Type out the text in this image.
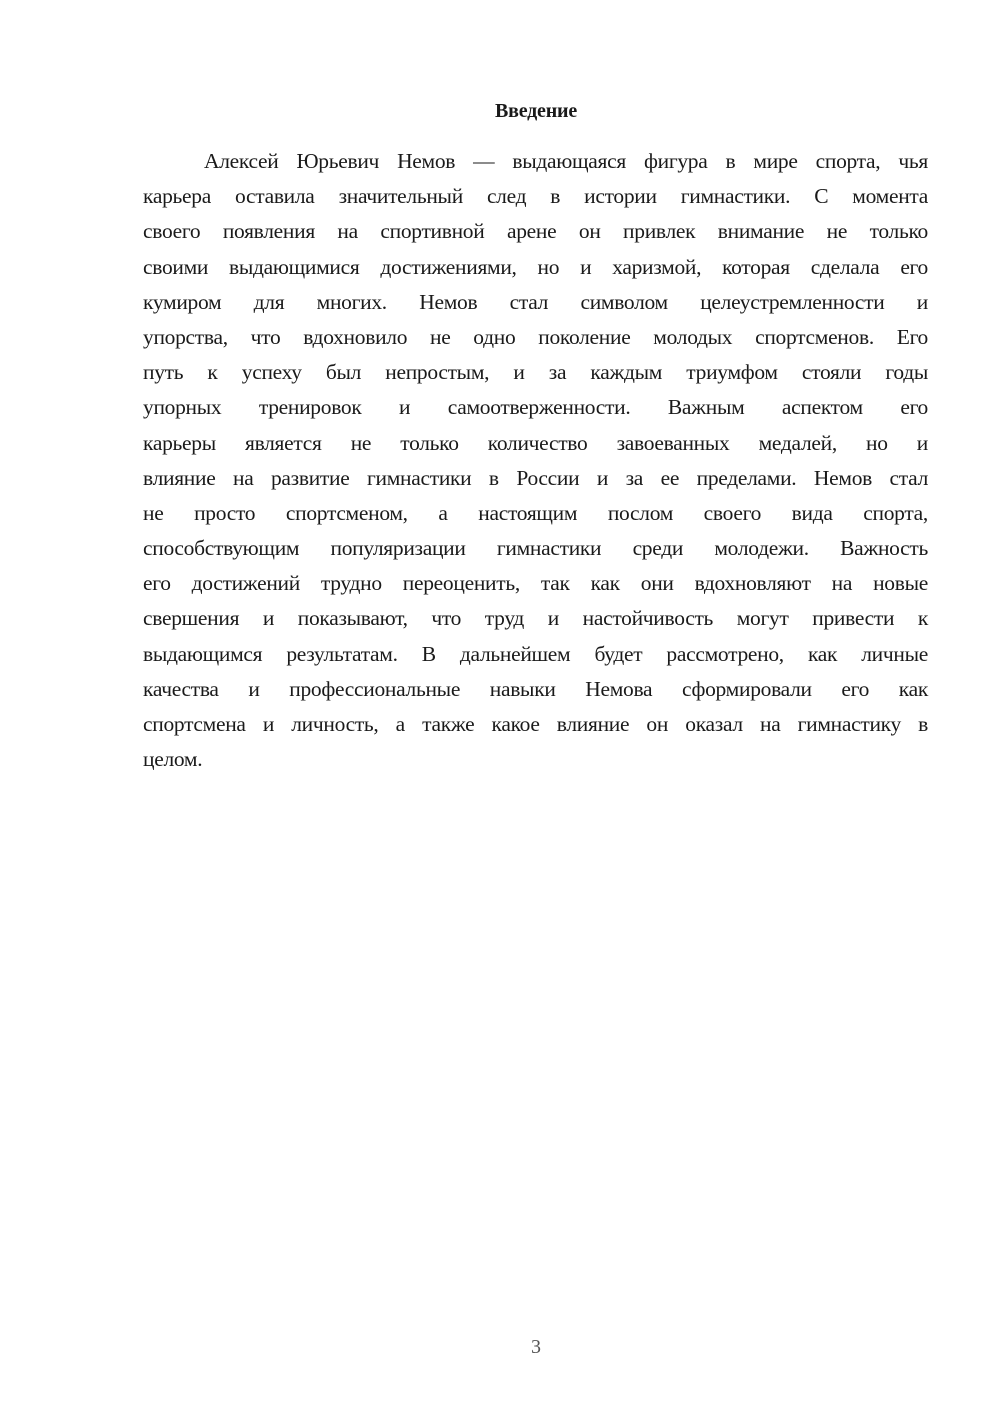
Введение
Алексей Юрьевич Немов — выдающаяся фигура в мире спорта, чья
карьера оставила значительный след в истории гимнастики. С момента
своего появления на спортивной арене он привлек внимание не только
своими выдающимися достижениями, но и харизмой, которая сделала его
кумиром для многих. Немов стал символом целеустремленности и
упорства, что вдохновило не одно поколение молодых спортсменов. Его
путь к успеху был непростым, и за каждым триумфом стояли годы
упорных тренировок и самоотверженности. Важным аспектом его
карьеры является не только количество завоеванных медалей, но и
влияние на развитие гимнастики в России и за ее пределами. Немов стал
не просто спортсменом, а настоящим послом своего вида спорта,
способствующим популяризации гимнастики среди молодежи. Важность
его достижений трудно переоценить, так как они вдохновляют на новые
свершения и показывают, что труд и настойчивость могут привести к
выдающимся результатам. В дальнейшем будет рассмотрено, как личные
качества и профессиональные навыки Немова сформировали его как
спортсмена и личность, а также какое влияние он оказал на гимнастику в
целом.
3
